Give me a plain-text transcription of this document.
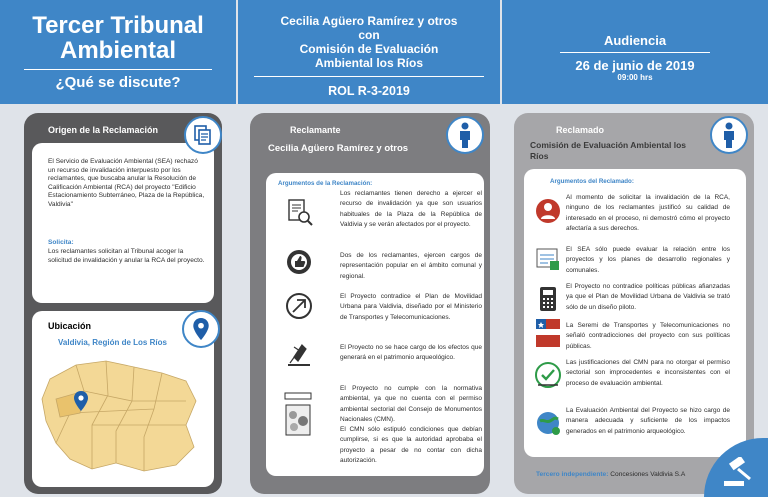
Tercer Tribunal Ambiental
¿Qué se discute?
Cecilia Agüero Ramírez y otros
con
Comisión de Evaluación Ambiental los Ríos
ROL R-3-2019
Audiencia
26 de junio de 2019
09:00 hrs
Origen de la Reclamación
El Servicio de Evaluación Ambiental (SEA) rechazó un recurso de invalidación interpuesto por los reclamantes, que buscaba anular la Resolución de Calificación Ambiental (RCA) del proyecto "Edificio Estacionamiento Subterráneo, Plaza de la República, Valdivia"
Solicita:
Los reclamantes solicitan al Tribunal acoger la solicitud de invalidación y anular la RCA del proyecto.
Ubicación
Valdivia, Región de Los Ríos
Reclamante
Cecilia Agüero Ramírez y otros
Argumentos de la Reclamación:
Los reclamantes tienen derecho a ejercer el recurso de invalidación ya que son usuarios habituales de la Plaza de la República de Valdivia y se verán afectados por el proyecto.
Dos de los reclamantes, ejercen cargos de representación popular en el ámbito comunal y regional.
El Proyecto contradice el Plan de Movilidad Urbana para Valdivia, diseñado por el Ministerio de Transportes y Telecomunicaciones.
El Proyecto no se hace cargo de los efectos que generará en el patrimonio arqueológico.
El Proyecto no cumple con la normativa ambiental, ya que no cuenta con el permiso ambiental sectorial del Consejo de Monumentos Nacionales (CMN).
El CMN sólo estipuló condiciones que debían cumplirse, si es que la autoridad aprobaba el proyecto a pesar de no contar con dicha autorización.
Reclamado
Comisión de Evaluación Ambiental los Ríos
Argumentos del Reclamado:
Al momento de solicitar la invalidación de la RCA, ninguno de los reclamantes justificó su calidad de interesado en el proceso, ni demostró cómo el proyecto afectaría a sus derechos.
El SEA sólo puede evaluar la relación entre los proyectos y los planes de desarrollo regionales y comunales.
El Proyecto no contradice políticas públicas afianzadas ya que el Plan de Movilidad Urbana de Valdivia se trató sólo de un diseño piloto.
La Seremi de Transportes y Telecomunicaciones no señaló contradicciones del proyecto con sus políticas públicas.
Las justificaciones del CMN para no otorgar el permiso sectorial son improcedentes e inconsistentes con el proceso de evaluación ambiental.
La Evaluación Ambiental del Proyecto se hizo cargo de manera adecuada y suficiente de los impactos generados en el patrimonio arqueológico.
Tercero independiente: Concesiones Valdivia S.A
